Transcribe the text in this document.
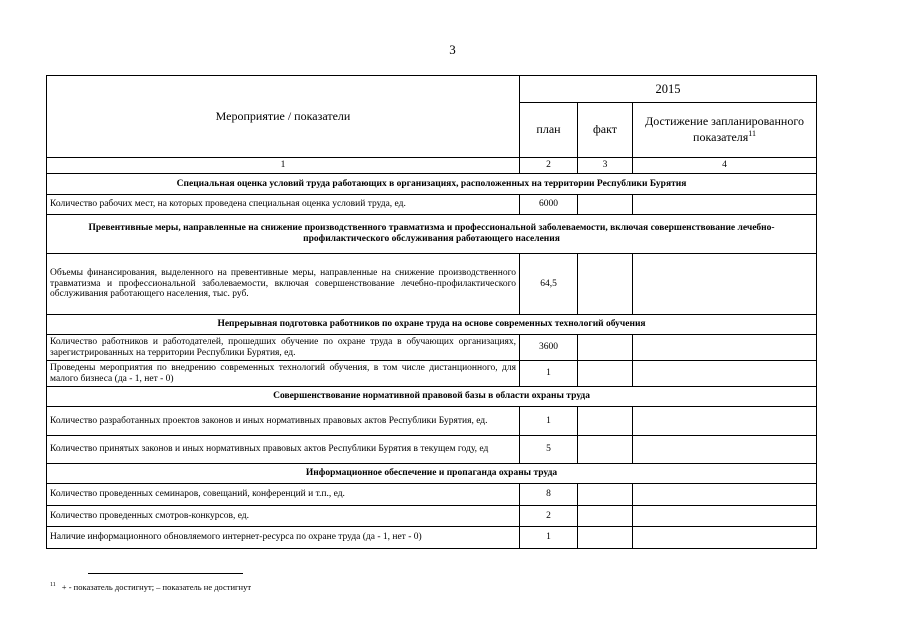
3
Мероприятие / показатели	2015		
	план	факт	Достижение запланированного показателя$^{11}$
1	2	3	4
Специальная оценка условий труда работающих в организациях, расположенных на территории Республики Бурятия			
Количество рабочих мест, на которых проведена специальная оценка условий труда, ед.	6000		
Превентивные меры, направленные на снижение производственного травматизма и профессиональной заболеваемости, включая совершенствование лечебно-профилактического обслуживания работающего населения			
Объемы финансирования, выделенного на превентивные меры, направленные на снижение производственного травматизма и профессиональной заболеваемости, включая совершенствование лечебно-профилактического обслуживания работающего населения, тыс. руб.	64,5		
Непрерывная подготовка работников по охране труда на основе современных технологий обучения			
Количество работников и работодателей, прошедших обучение по охране труда в обучающих организациях, зарегистрированных на территории Республики Бурятия, ед.	3600		
Проведены мероприятия по внедрению современных технологий обучения, в том числе дистанционного, для малого бизнеса (да - 1, нет - 0)	1		
Совершенствование нормативной правовой базы в области охраны труда			
Количество разработанных проектов законов и иных нормативных правовых актов Республики Бурятия, ед.	1		
Количество принятых законов и иных нормативных правовых актов Республики Бурятия в текущем году, ед	5		
Информационное обеспечение и пропаганда охраны труда			
Количество проведенных семинаров, совещаний, конференций и т.п., ед.	8		
Количество проведенных смотров-конкурсов, ед.	2		
Наличие информационного обновляемого интернет-ресурса по охране труда (да - 1, нет - 0)	1		
$^{11}$ + - показатель достигнут; – показатель не достигнут
